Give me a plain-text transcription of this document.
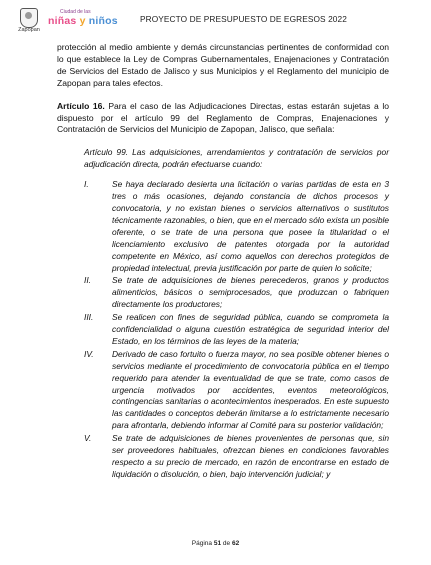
Zapopan
Ciudad de las
niñas y niños	PROYECTO DE PRESUPUESTO DE EGRESOS 2022

protección al medio ambiente y demás circunstancias pertinentes de conformidad con lo que establece la Ley de Compras Gubernamentales, Enajenaciones y Contratación de Servicios del Estado de Jalisco y sus Municipios y el Reglamento del municipio de Zapopan para tales efectos.

Artículo 16. Para el caso de las Adjudicaciones Directas, estas estarán sujetas a lo dispuesto por el artículo 99 del Reglamento de Compras, Enajenaciones y Contratación de Servicios del Municipio de Zapopan, Jalisco, que señala:

Artículo 99. Las adquisiciones, arrendamientos y contratación de servicios por adjudicación directa, podrán efectuarse cuando:

I.	Se haya declarado desierta una licitación o varias partidas de esta en 3 tres o más ocasiones, dejando constancia de dichos procesos y convocatoria, y no existan bienes o servicios alternativos o sustitutos técnicamente razonables, o bien, que en el mercado sólo exista un posible oferente, o se trate de una persona que posee la titularidad o el licenciamiento exclusivo de patentes otorgada por la autoridad competente en México, así como aquellos con derechos protegidos de propiedad intelectual, previa justificación por parte de quien lo solicite;
II.	Se trate de adquisiciones de bienes perecederos, granos y productos alimenticios, básicos o semiprocesados, que produzcan o fabriquen directamente los productores;
III.	Se realicen con fines de seguridad pública, cuando se comprometa la confidencialidad o alguna cuestión estratégica de seguridad interior del Estado, en los términos de las leyes de la materia;
IV.	Derivado de caso fortuito o fuerza mayor, no sea posible obtener bienes o servicios mediante el procedimiento de convocatoria pública en el tiempo requerido para atender la eventualidad de que se trate, como casos de urgencia motivados por accidentes, eventos meteorológicos, contingencias sanitarias o acontecimientos inesperados. En este supuesto las cantidades o conceptos deberán limitarse a lo estrictamente necesario para afrontarla, debiendo informar al Comité para su posterior validación;
V.	Se trate de adquisiciones de bienes provenientes de personas que, sin ser proveedores habituales, ofrezcan bienes en condiciones favorables respecto a su precio de mercado, en razón de encontrarse en estado de liquidación o disolución, o bien, bajo intervención judicial; y
Página 51 de 62
